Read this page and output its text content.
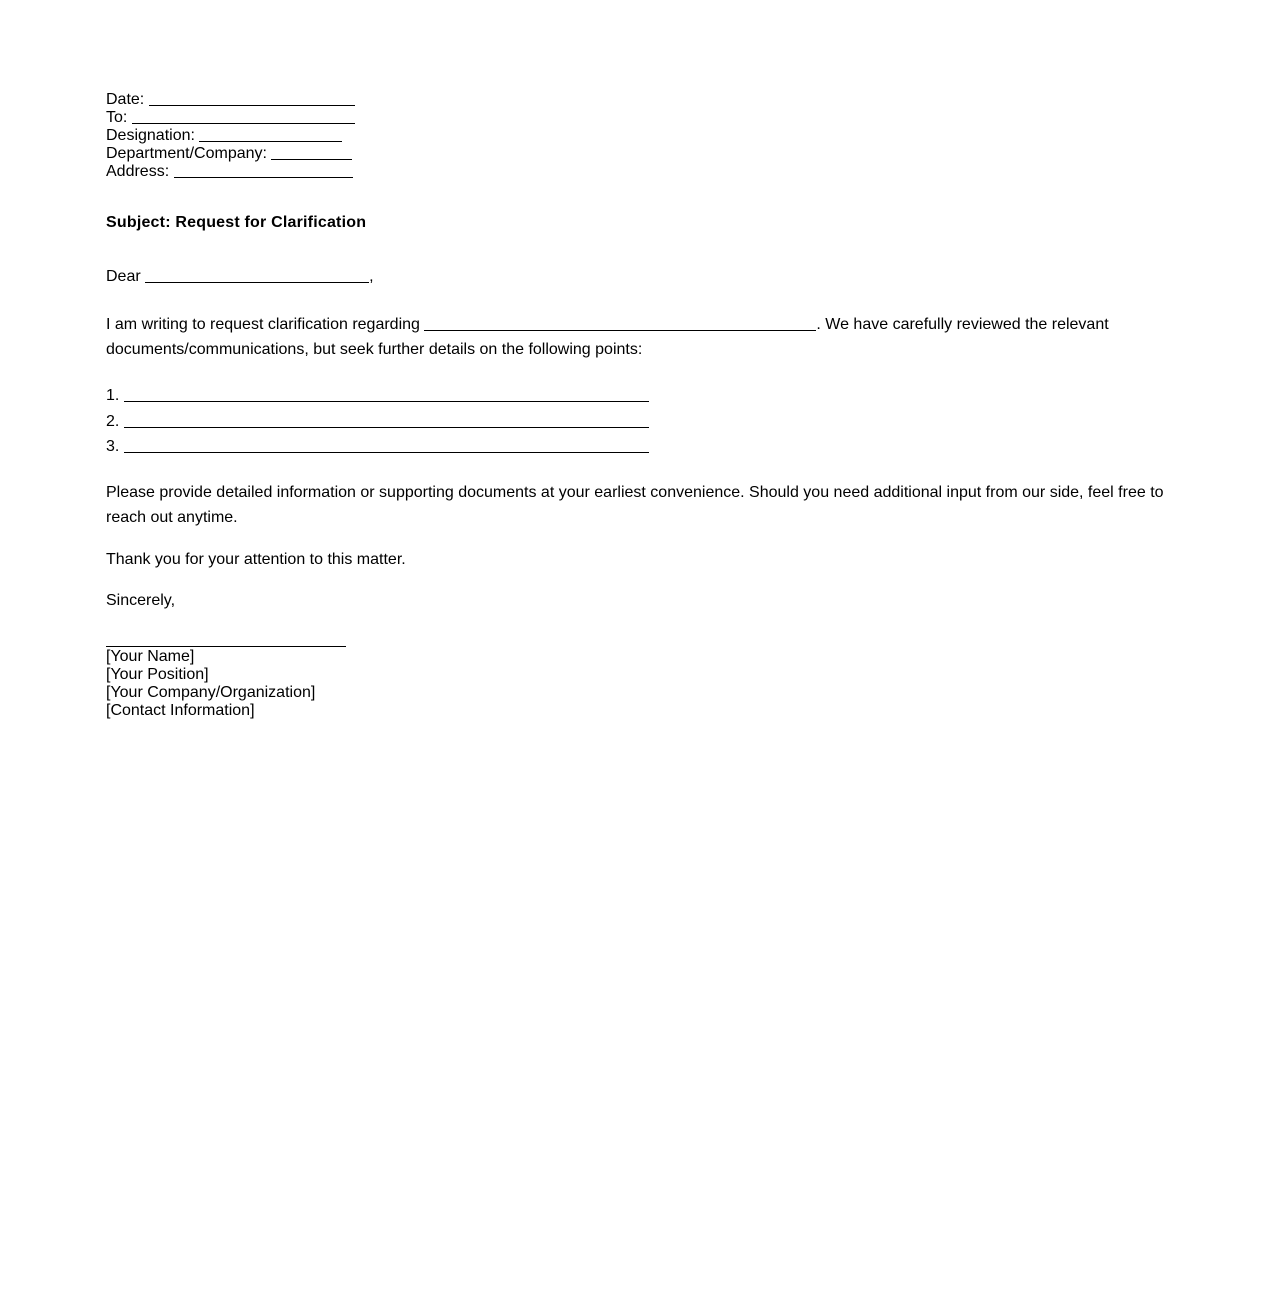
Date:
To:
Designation:
Department/Company:
Address:
Subject: Request for Clarification
Dear	,
I am writing to request clarification regarding	. We have carefully reviewed the relevant documents/communications, but seek further details on the following points:
1.
2.
3.
Please provide detailed information or supporting documents at your earliest convenience. Should you need additional input from our side, feel free to reach out anytime.
Thank you for your attention to this matter.
Sincerely,
[Your Name]
[Your Position]
[Your Company/Organization]
[Contact Information]
